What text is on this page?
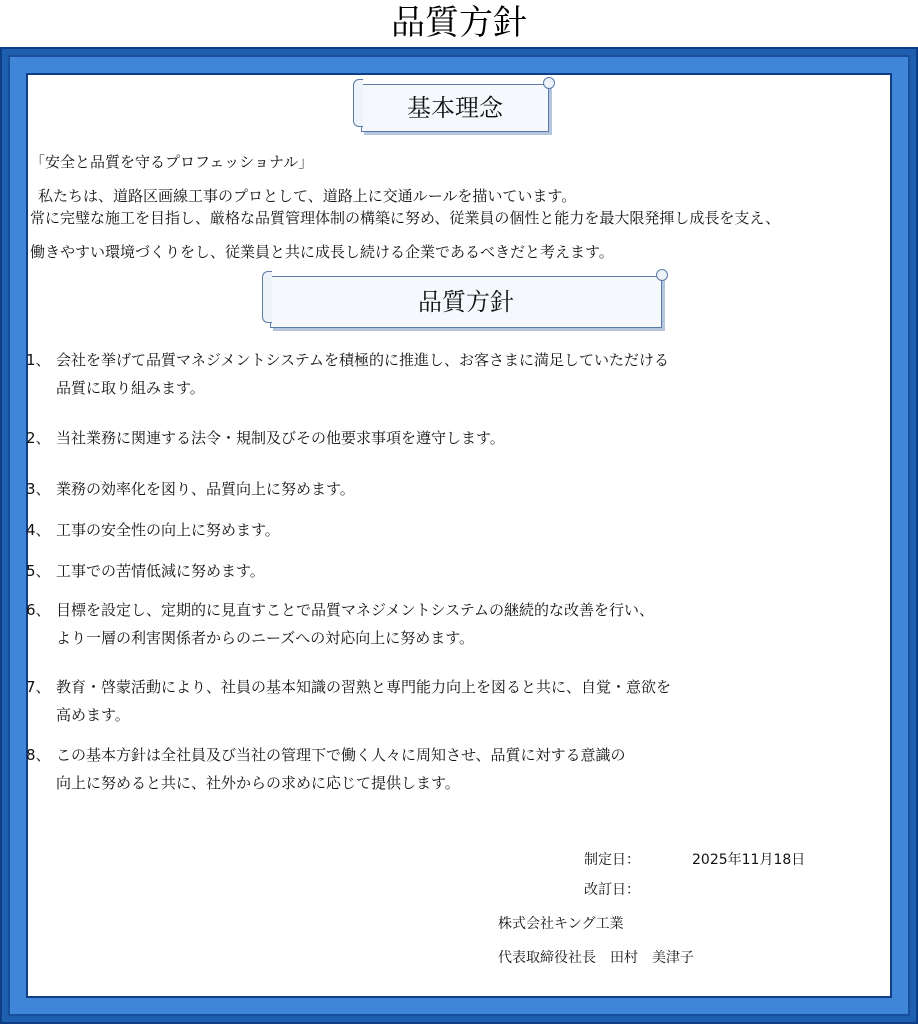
品質方針
基本理念
「安全と品質を守るプロフェッショナル」
私たちは、道路区画線工事のプロとして、道路上に交通ルールを描いています。
常に完璧な施工を目指し、厳格な品質管理体制の構築に努め、従業員の個性と能力を最大限発揮し成長を支え、
働きやすい環境づくりをし、従業員と共に成長し続ける企業であるべきだと考えます。
品質方針
1、 会社を挙げて品質マネジメントシステムを積極的に推進し、お客さまに満足していただける
品質に取り組みます。
2、 当社業務に関連する法令・規制及びその他要求事項を遵守します。
3、 業務の効率化を図り、品質向上に努めます。
4、 工事の安全性の向上に努めます。
5、 工事での苦情低減に努めます。
6、 目標を設定し、定期的に見直すことで品質マネジメントシステムの継続的な改善を行い、
より一層の利害関係者からのニーズへの対応向上に努めます。
7、 教育・啓蒙活動により、社員の基本知識の習熟と専門能力向上を図ると共に、自覚・意欲を
高めます。
8、 この基本方針は全社員及び当社の管理下で働く人々に周知させ、品質に対する意識の
向上に努めると共に、社外からの求めに応じて提供します。
制定日：	2025年11月18日
改訂日：
株式会社キング工業
代表取締役社長　田村　美津子
